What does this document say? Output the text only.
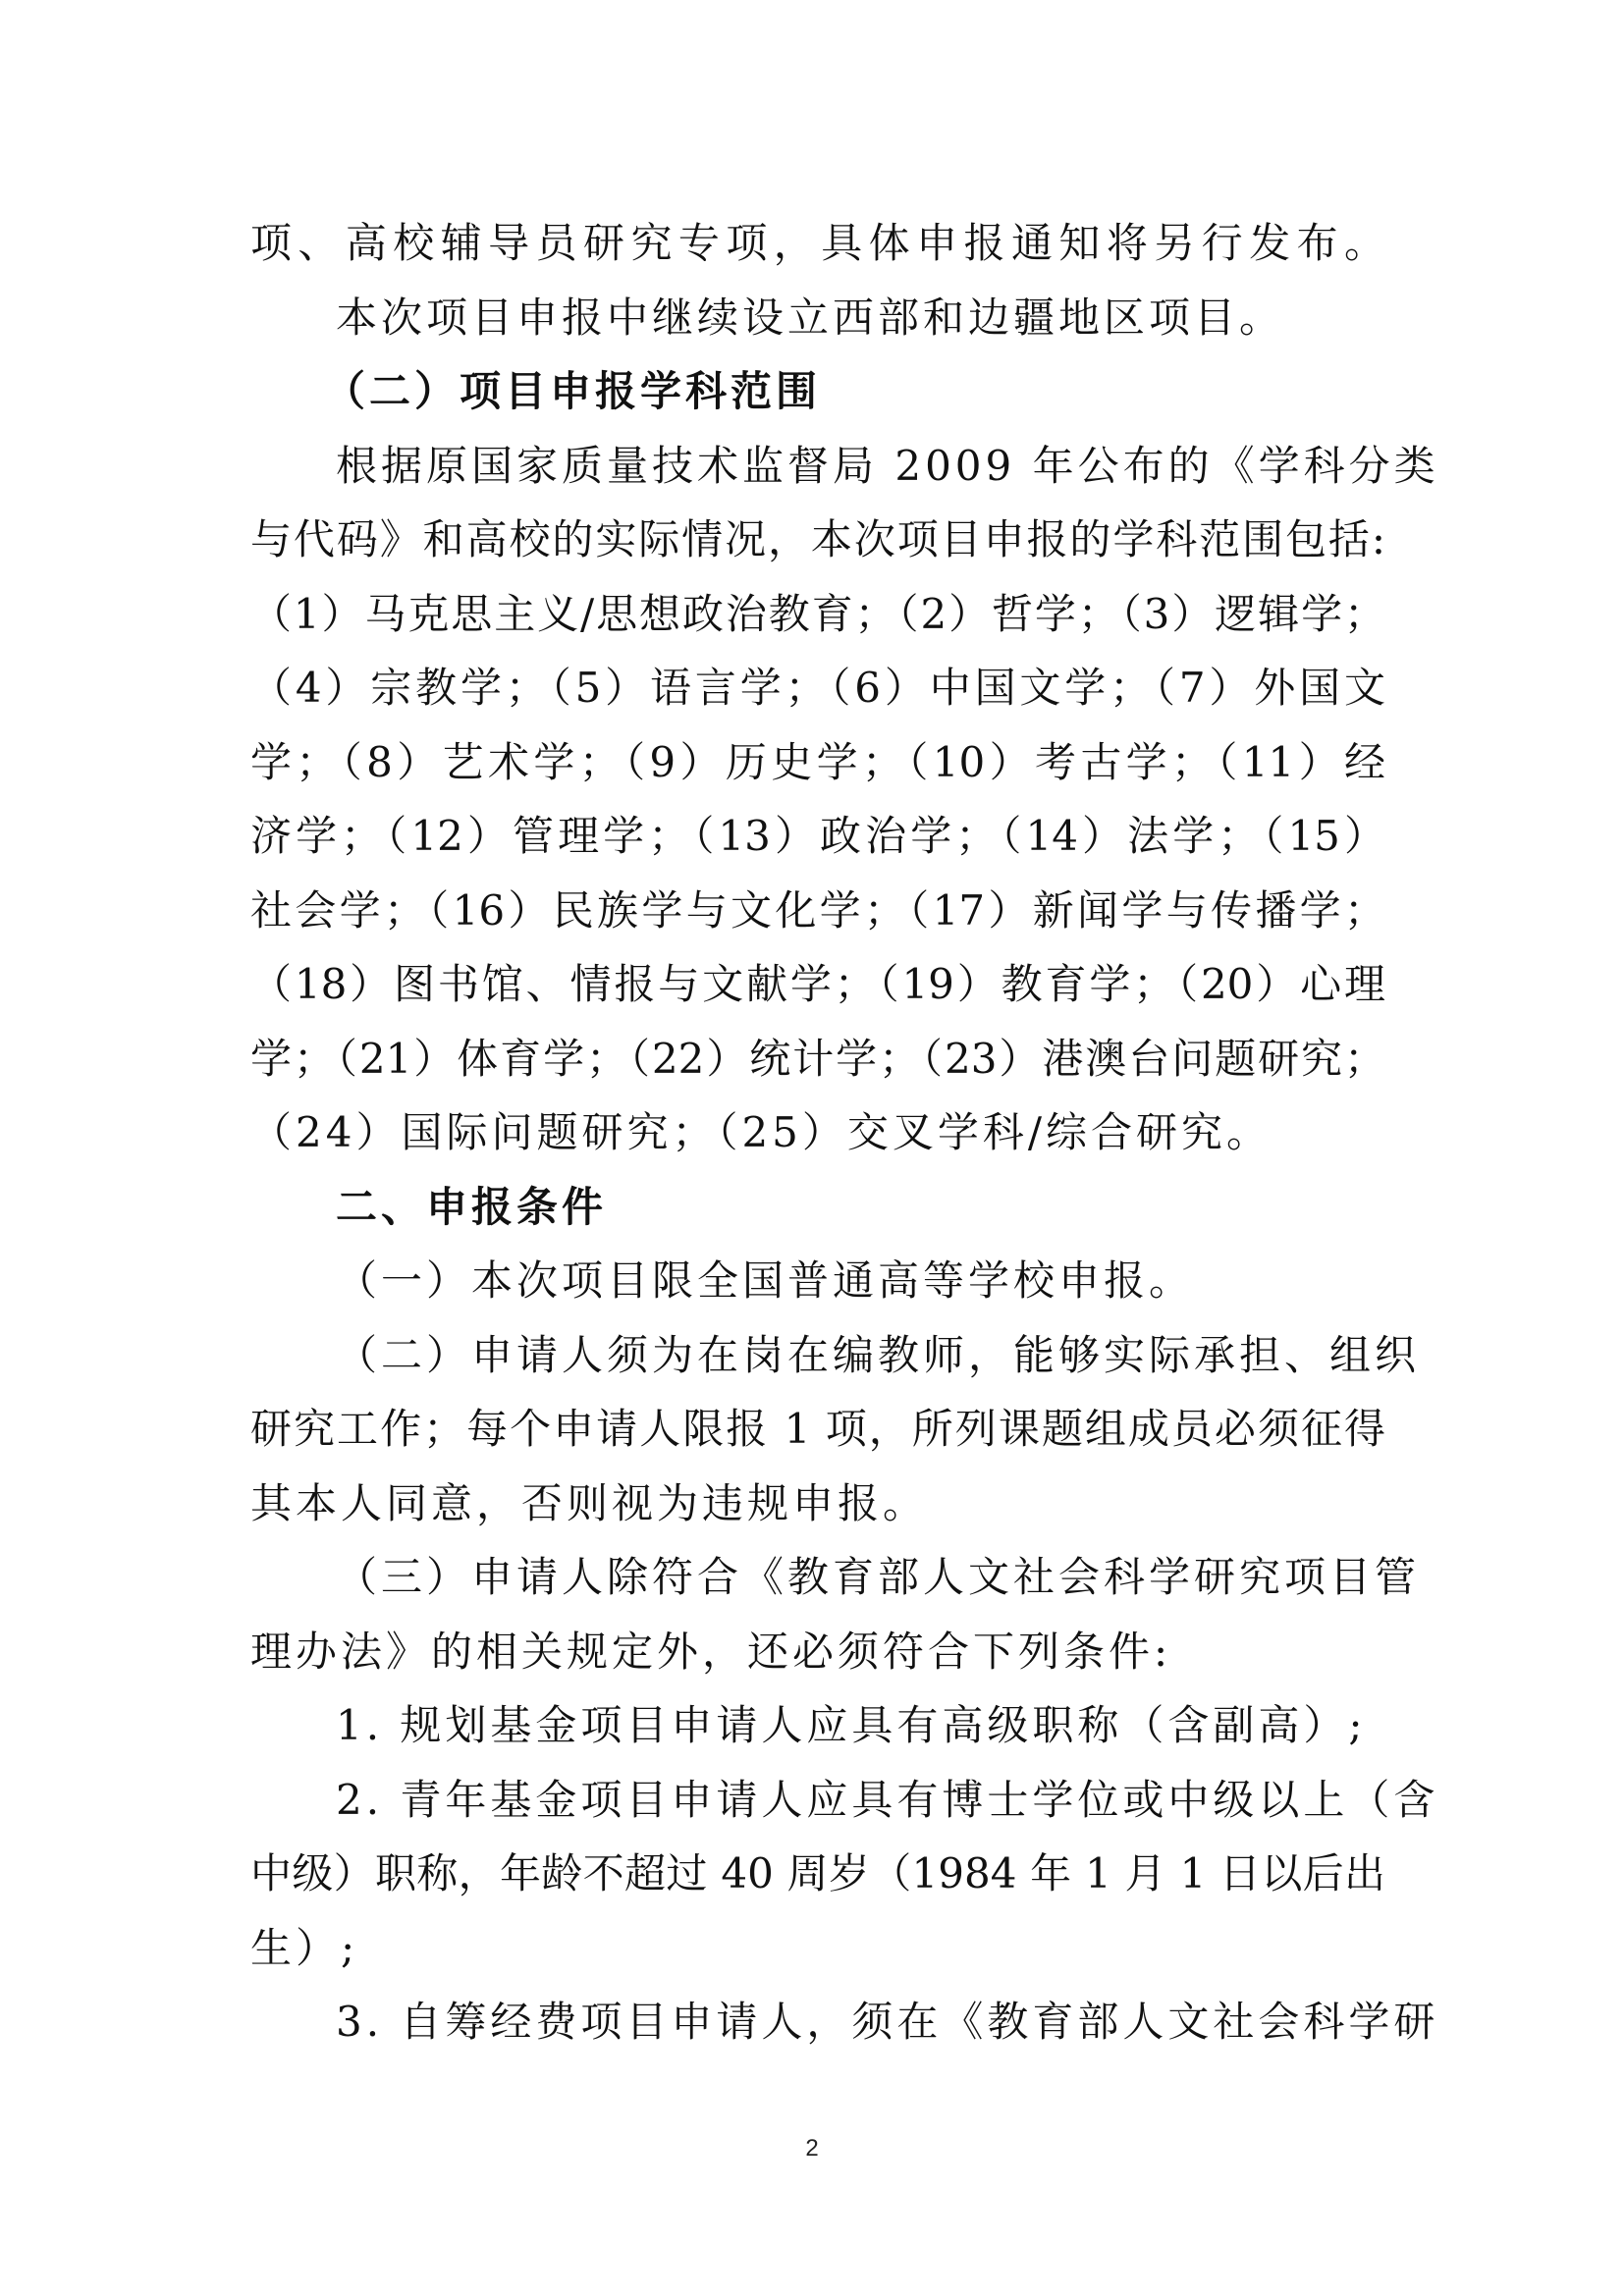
项、高校辅导员研究专项，具体申报通知将另行发布。
本次项目申报中继续设立西部和边疆地区项目。
（二）项目申报学科范围
根据原国家质量技术监督局 2009 年公布的《学科分类
与代码》和高校的实际情况，本次项目申报的学科范围包括:
（1）马克思主义/思想政治教育；（2）哲学；（3）逻辑学；
（4）宗教学；（5）语言学；（6）中国文学；（7）外国文
学；（8）艺术学；（9）历史学；（10）考古学；（11）经
济学；（12）管理学；（13）政治学；（14）法学；（15）
社会学；（16）民族学与文化学；（17）新闻学与传播学；
（18）图书馆、情报与文献学；（19）教育学；（20）心理
学；（21）体育学；（22）统计学；（23）港澳台问题研究；
（24）国际问题研究；（25）交叉学科/综合研究。
二、申报条件
（一）本次项目限全国普通高等学校申报。
（二）申请人须为在岗在编教师，能够实际承担、组织
研究工作；每个申请人限报 1 项，所列课题组成员必须征得
其本人同意，否则视为违规申报。
（三）申请人除符合《教育部人文社会科学研究项目管
理办法》的相关规定外，还必须符合下列条件:
1. 规划基金项目申请人应具有高级职称（含副高）;
2. 青年基金项目申请人应具有博士学位或中级以上（含
中级）职称，年龄不超过 40 周岁（1984 年 1 月 1 日以后出
生）;
3. 自筹经费项目申请人，须在《教育部人文社会科学研
2
